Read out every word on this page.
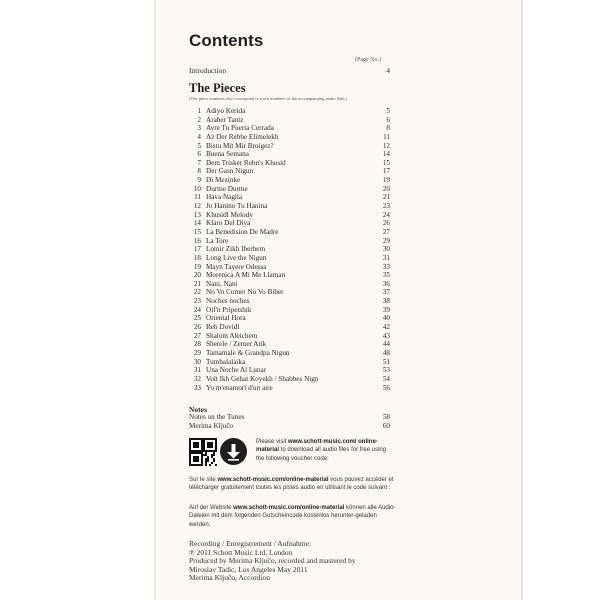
Contents
(Page No.)
Introduction	4
The Pieces
(The piece numbers also correspond to track numbers of the accompanying audio files.)
1 Adiyo Kerida	5
2 Araber Tantz	6
3 Avre Tu Puerta Cerrada	8
4 Az Der Rebbe Elimelekh	11
5 Bistu Mit Mir Broigez?	12
6 Buena Semana	14
7 Dem Trisker Rebn's Khosid	15
8 Der Gasn Nigun	17
9 Di Mezinke	19
10 Durme Durme	20
11 Hava Nagila	21
12 Jo Hanino Tu Hanina	23
13 Khusidl Melody	24
14 Klaro Del Diya	26
15 La Benedision De Madre	27
16 La Tore	29
17 Lomir Zikh Iberbetn	30
18 Long Live the Nigun	31
19 Mayn Tayere Odessa	33
20 Morenica A Mi Me Llaman	35
21 Nani, Nani	36
22 No Vo Comer No Vo Biber	37
23 Noches noches	38
24 Oif'n Pripetshik	39
25 Oriental Hora	40
26 Reb Dovidl	42
27 Shalom Aleichem	43
28 Sherele / Zemer Atik	44
29 Tamamale & Grandpa Nigun	48
30 Tumbalalaika	51
31 Una Noche Al Lunar	53
32 Volt Ikh Gehat Koyekh / Shabbes Nign	54
33 Yo m'enamori d'un aire	56
Notes
Notes on the Tunes	58
Merima Ključo	60
Please visit www.schott-music.com/ online-material to download all audio files for free using the following voucher code:
Sur le site www.schott-music.com/online-material vous pouvez accéder et télécharger gratuitement toutes les pistes audio en utilisant le code suivant :
Auf der Website www.schott-music.com/online-material können alle Audio-Dateien mit dem folgenden Gutscheincode kostenlos herunter-geladen werden:
Recording / Enregistrement / Aufnahme:
℗ 2011 Schott Music Ltd, London
Produced by Merima Ključo, recorded and mastered by
Miroslav Tadic, Los Angeles May 2011
Merima Ključo, Accordion
